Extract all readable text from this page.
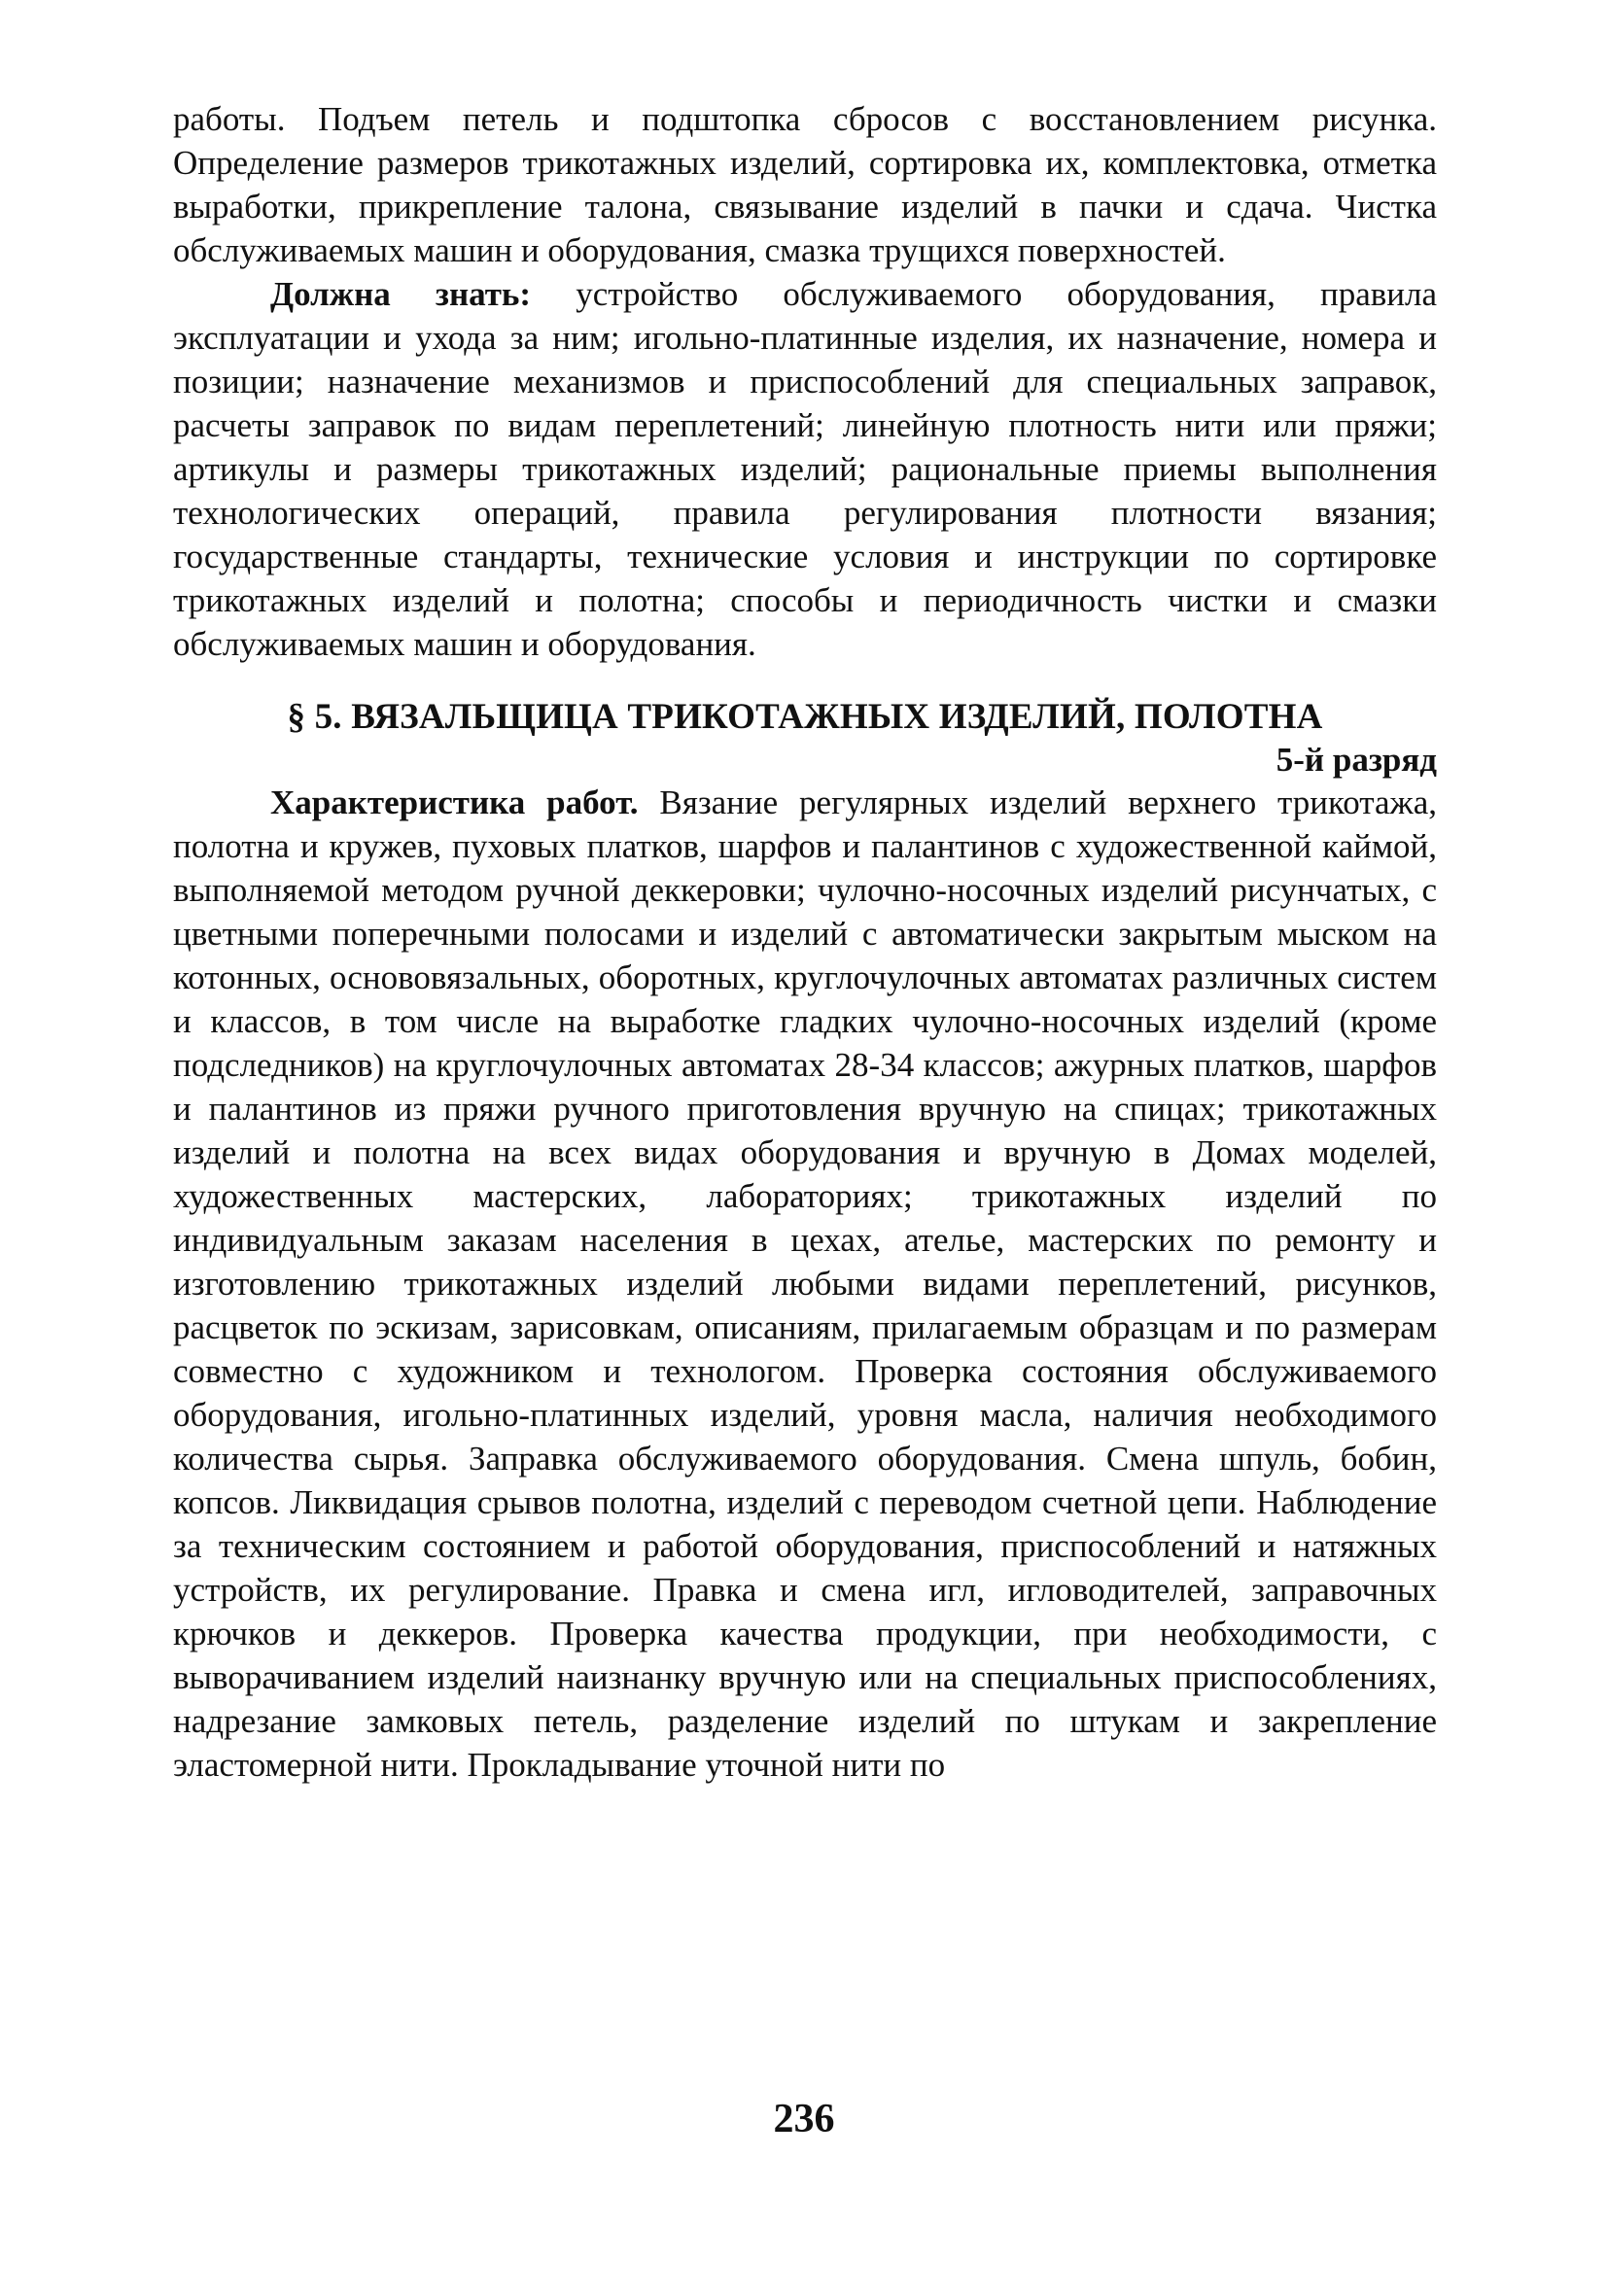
работы. Подъем петель и подштопка сбросов с восстановлением рисунка. Определение размеров трикотажных изделий, сортировка их, комплектовка, отметка выработки, прикрепление талона, связывание изделий в пачки и сдача. Чистка обслуживаемых машин и оборудования, смазка трущихся поверхностей.

Должна знать: устройство обслуживаемого оборудования, правила эксплуатации и ухода за ним; игольно-платинные изделия, их назначение, номера и позиции; назначение механизмов и приспособлений для специальных заправок, расчеты заправок по видам переплетений; линейную плотность нити или пряжи; артикулы и размеры трикотажных изделий; рациональные приемы выполнения технологических операций, правила регулирования плотности вязания; государственные стандарты, технические условия и инструкции по сортировке трикотажных изделий и полотна; способы и периодичность чистки и смазки обслуживаемых машин и оборудования.

§ 5. ВЯЗАЛЬЩИЦА ТРИКОТАЖНЫХ ИЗДЕЛИЙ, ПОЛОТНА

5-й разряд

Характеристика работ. Вязание регулярных изделий верхнего трикотажа, полотна и кружев, пуховых платков, шарфов и палантинов с художественной каймой, выполняемой методом ручной деккеровки; чулочно-носочных изделий рисунчатых, с цветными поперечными полосами и изделий с автоматически закрытым мыском на котонных, основовязальных, оборотных, круглочулочных автоматах различных систем и классов, в том числе на выработке гладких чулочно-носочных изделий (кроме подследников) на круглочулочных автоматах 28-34 классов; ажурных платков, шарфов и палантинов из пряжи ручного приготовления вручную на спицах; трикотажных изделий и полотна на всех видах оборудования и вручную в Домах моделей, художественных мастерских, лабораториях; трикотажных изделий по индивидуальным заказам населения в цехах, ателье, мастерских по ремонту и изготовлению трикотажных изделий любыми видами переплетений, рисунков, расцветок по эскизам, зарисовкам, описаниям, прилагаемым образцам и по размерам совместно с художником и технологом. Проверка состояния обслуживаемого оборудования, игольно-платинных изделий, уровня масла, наличия необходимого количества сырья. Заправка обслуживаемого оборудования. Смена шпуль, бобин, копсов. Ликвидация срывов полотна, изделий с переводом счетной цепи. Наблюдение за техническим состоянием и работой оборудования, приспособлений и натяжных устройств, их регулирование. Правка и смена игл, игловодителей, заправочных крючков и деккеров. Проверка качества продукции, при необходимости, с выворачиванием изделий наизнанку вручную или на специальных приспособлениях, надрезание замковых петель, разделение изделий по штукам и закрепление эластомерной нити. Прокладывание уточной нити по

236
